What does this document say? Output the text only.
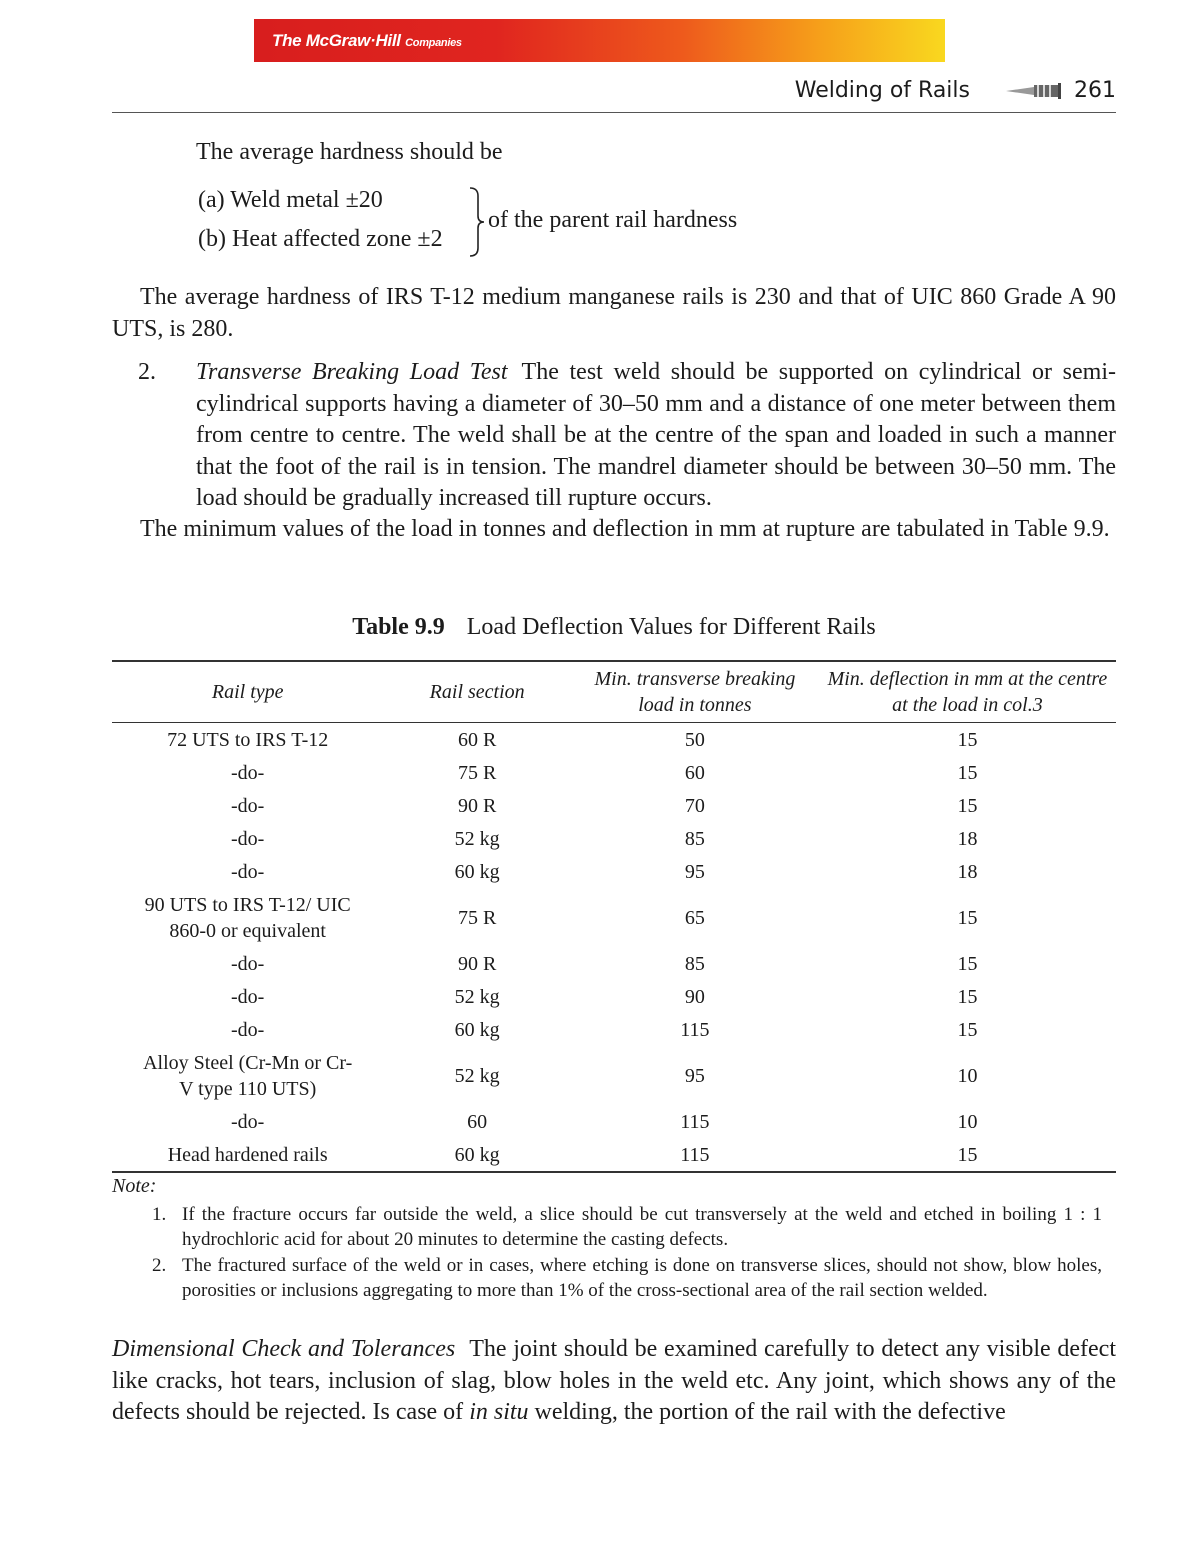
The McGraw·Hill Companies
Welding of Rails	261
The average hardness should be
(a) Weld metal ±20
(b) Heat affected zone ±2
of the parent rail hardness
The average hardness of IRS T-12 medium manganese rails is 230 and that of UIC 860 Grade A 90 UTS, is 280.
2. Transverse Breaking Load Test The test weld should be supported on cylindrical or semi-cylindrical supports having a diameter of 30–50 mm and a distance of one meter between them from centre to centre. The weld shall be at the centre of the span and loaded in such a manner that the foot of the rail is in tension. The mandrel diameter should be between 30–50 mm. The load should be gradually increased till rupture occurs.
The minimum values of the load in tonnes and deflection in mm at rupture are tabulated in Table 9.9.
Table 9.9 Load Deflection Values for Different Rails
Rail type	Rail section	Min. transverse breaking load in tonnes	Min. deflection in mm at the centre at the load in col.3
72 UTS to IRS T-12	60 R	50	15
-do-	75 R	60	15
-do-	90 R	70	15
-do-	52 kg	85	18
-do-	60 kg	95	18
90 UTS to IRS T-12/ UIC 860-0 or equivalent	75 R	65	15
-do-	90 R	85	15
-do-	52 kg	90	15
-do-	60 kg	115	15
Alloy Steel (Cr-Mn or Cr-V type 110 UTS)	52 kg	95	10
-do-	60	115	10
Head hardened rails	60 kg	115	15
Note:
1. If the fracture occurs far outside the weld, a slice should be cut transversely at the weld and etched in boiling 1 : 1 hydrochloric acid for about 20 minutes to determine the casting defects.
2. The fractured surface of the weld or in cases, where etching is done on transverse slices, should not show, blow holes, porosities or inclusions aggregating to more than 1% of the cross-sectional area of the rail section welded.
Dimensional Check and Tolerances The joint should be examined carefully to detect any visible defect like cracks, hot tears, inclusion of slag, blow holes in the weld etc. Any joint, which shows any of the defects should be rejected. Is case of in situ welding, the portion of the rail with the defective
